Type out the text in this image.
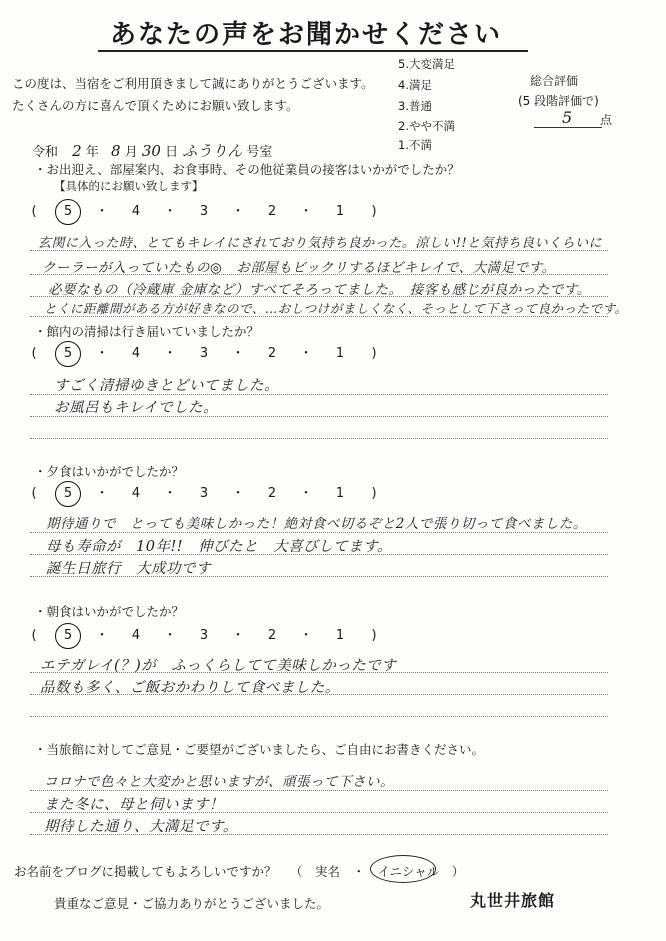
あなたの声をお聞かせください
この度は、当宿をご利用頂きまして誠にありがとうございます。
たくさんの方に喜んで頂くためにお願い致します。
5.大変満足
4.満足
3.普通
2.やや不満
1.不満
総合評価
(5 段階評価で)
5 点
令和 2 年 8 月 30 日 ふうりん 号室
・お出迎え、部屋案内、お食事時、その他従業員の接客はいかがでしたか？
【具体的にお願い致します】
( 5 ・ 4 ・ 3 ・ 2 ・ 1 )
玄関に入った時、とてもキレイにされており気持ち良かった。涼しい!!と気持ち良いくらいに
クーラーが入っていたもの◎　お部屋もビックリするほどキレイで、大満足です。
必要なもの（冷蔵庫 金庫など）すべてそろってました。　接客も感じが良かったです。
とくに距離間がある方が好きなので、…おしつけがましくなく、そっとして下さって良かったです。
・館内の清掃は行き届いていましたか？
( 5 ・ 4 ・ 3 ・ 2 ・ 1 )
すごく清掃ゆきとどいてました。
お風呂もキレイでした。
・夕食はいかがでしたか？
( 5 ・ 4 ・ 3 ・ 2 ・ 1 )
期待通りで　とっても美味しかった！絶対食べ切るぞと2人で張り切って食べました。
母も寿命が　10年!!　伸びたと　大喜びしてます。
誕生日旅行　大成功です
・朝食はいかがでしたか？
( 5 ・ 4 ・ 3 ・ 2 ・ 1 )
エテガレイ(？)が　ふっくらしてて美味しかったです
品数も多く、ご飯おかわりして食べました。
・当旅館に対してご意見・ご要望がございましたら、ご自由にお書きください。
コロナで色々と大変かと思いますが、頑張って下さい。
また冬に、母と伺います！
期待した通り、大満足です。
お名前をブログに掲載してもよろしいですか？ （　実名　・　イニシャル　）
貴重なご意見・ご協力ありがとうございました。	丸世井旅館
